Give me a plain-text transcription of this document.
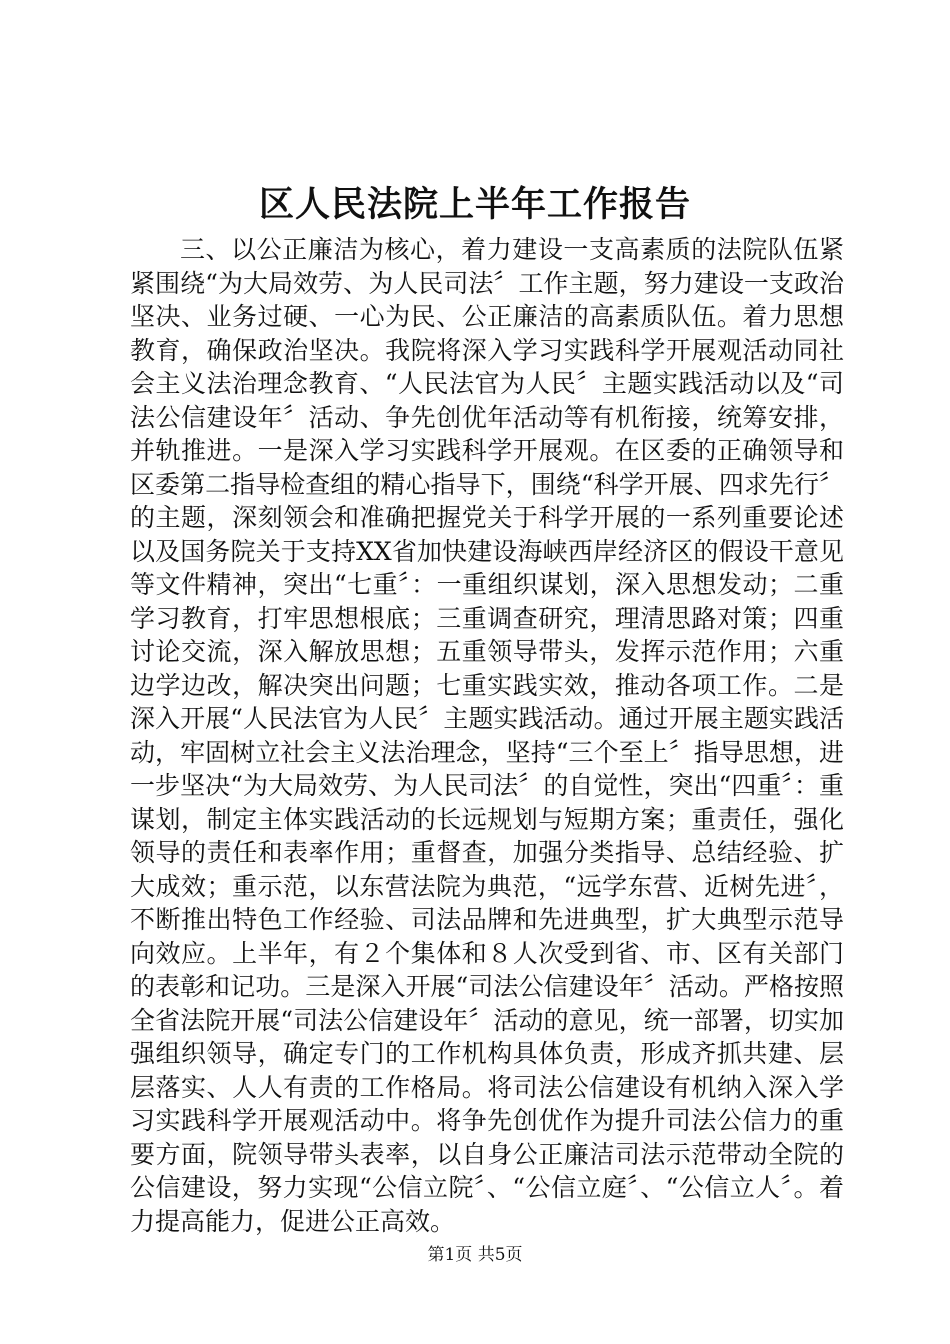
区人民法院上半年工作报告

三、以公正廉洁为核心，着力建设一支高素质的法院队伍紧紧围绕“为大局效劳、为人民司法〞工作主题，努力建设一支政治坚决、业务过硬、一心为民、公正廉洁的高素质队伍。着力思想教育，确保政治坚决。我院将深入学习实践科学开展观活动同社会主义法治理念教育、“人民法官为人民〞主题实践活动以及“司法公信建设年〞活动、争先创优年活动等有机衔接，统筹安排，并轨推进。一是深入学习实践科学开展观。在区委的正确领导和区委第二指导检查组的精心指导下，围绕“科学开展、四求先行〞的主题，深刻领会和准确把握党关于科学开展的一系列重要论述以及国务院关于支持XX省加快建设海峡西岸经济区的假设干意见等文件精神，突出“七重〞：一重组织谋划，深入思想发动；二重学习教育，打牢思想根底；三重调查研究，理清思路对策；四重讨论交流，深入解放思想；五重领导带头，发挥示范作用；六重边学边改，解决突出问题；七重实践实效，推动各项工作。二是深入开展“人民法官为人民〞主题实践活动。通过开展主题实践活动，牢固树立社会主义法治理念，坚持“三个至上〞指导思想，进一步坚决“为大局效劳、为人民司法〞的自觉性，突出“四重〞：重谋划，制定主体实践活动的长远规划与短期方案；重责任，强化领导的责任和表率作用；重督查，加强分类指导、总结经验、扩大成效；重示范，以东营法院为典范，“远学东营、近树先进〞，不断推出特色工作经验、司法品牌和先进典型，扩大典型示范导向效应。上半年，有２个集体和８人次受到省、市、区有关部门的表彰和记功。三是深入开展“司法公信建设年〞活动。严格按照全省法院开展“司法公信建设年〞活动的意见，统一部署，切实加强组织领导，确定专门的工作机构具体负责，形成齐抓共建、层层落实、人人有责的工作格局。将司法公信建设有机纳入深入学习实践科学开展观活动中。将争先创优作为提升司法公信力的重要方面，院领导带头表率，以自身公正廉洁司法示范带动全院的公信建设，努力实现“公信立院〞、“公信立庭〞、“公信立人〞。着力提高能力，促进公正高效。

第1页 共5页
